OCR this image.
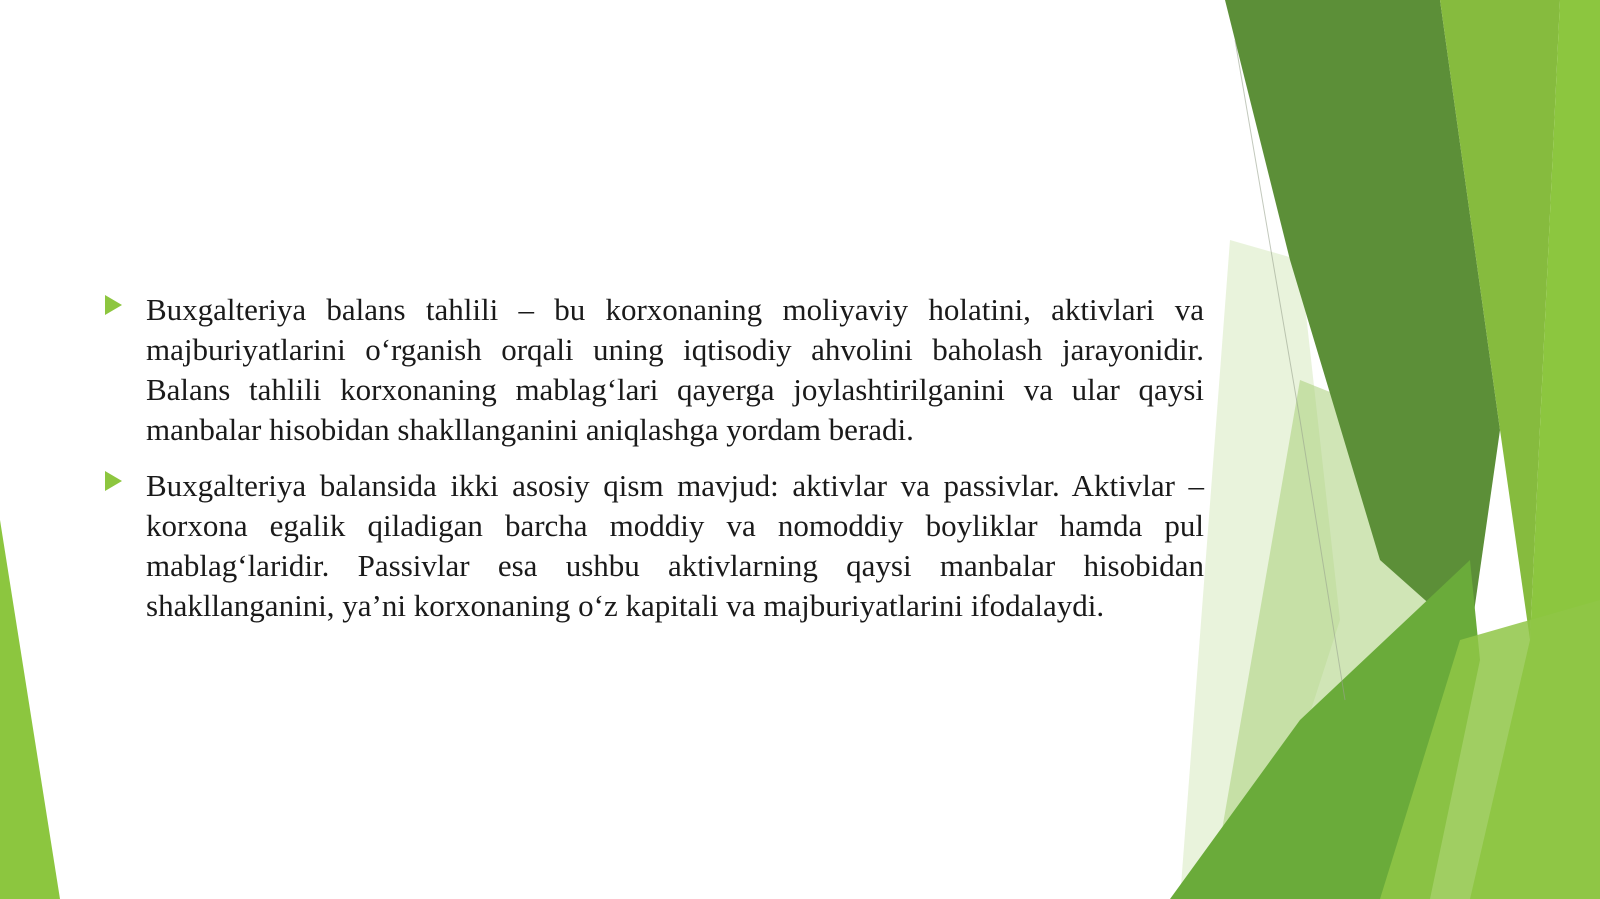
Buxgalteriya balans tahlili – bu korxonaning moliyaviy holatini, aktivlari va majburiyatlarini o‘rganish orqali uning iqtisodiy ahvolini baholash jarayonidir. Balans tahlili korxonaning mablag‘lari qayerga joylashtirilganini va ular qaysi manbalar hisobidan shakllanganini aniqlashga yordam beradi.

Buxgalteriya balansida ikki asosiy qism mavjud: aktivlar va passivlar. Aktivlar – korxona egalik qiladigan barcha moddiy va nomoddiy boyliklar hamda pul mablag‘laridir. Passivlar esa ushbu aktivlarning qaysi manbalar hisobidan shakllanganini, ya’ni korxonaning o‘z kapitali va majburiyatlarini ifodalaydi.
